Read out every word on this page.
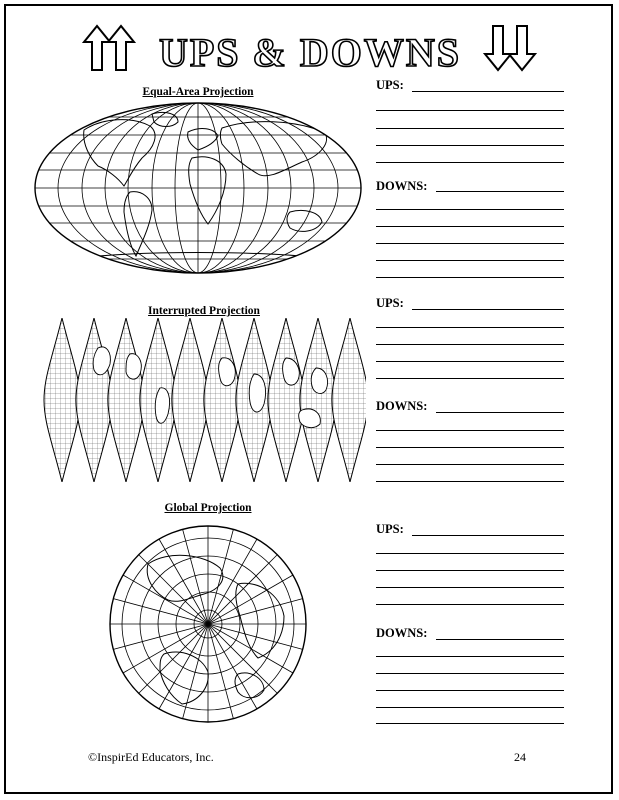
UPS & DOWNS
Equal-Area Projection	UPS:
DOWNS:
Interrupted Projection
UPS:
DOWNS:
Global Projection
UPS:
DOWNS:
©InspirEd Educators, Inc.	24
